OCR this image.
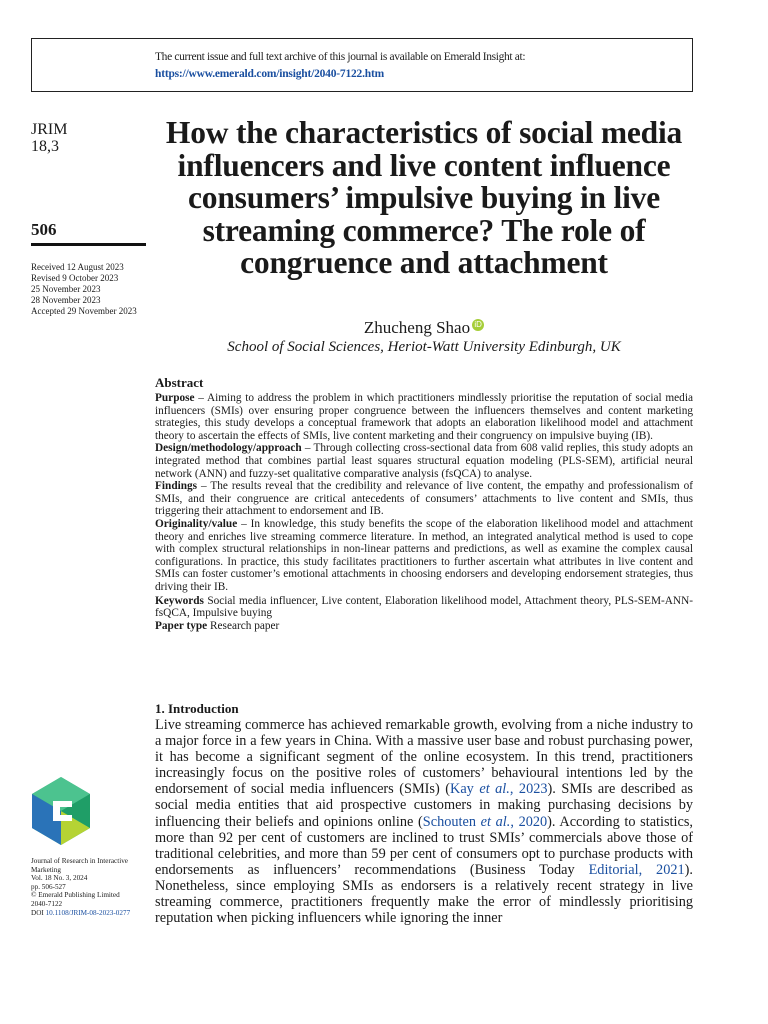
The current issue and full text archive of this journal is available on Emerald Insight at:
https://www.emerald.com/insight/2040-7122.htm
JRIM
18,3
506
Received 12 August 2023
Revised 9 October 2023
25 November 2023
28 November 2023
Accepted 29 November 2023
Journal of Research in Interactive Marketing
Vol. 18 No. 3, 2024
pp. 506-527
© Emerald Publishing Limited
2040-7122
DOI 10.1108/JRIM-08-2023-0277
How the characteristics of social media influencers and live content influence consumers’ impulsive buying in live streaming commerce? The role of congruence and attachment
Zhucheng Shao iD
School of Social Sciences, Heriot-Watt University Edinburgh, UK
Abstract

Purpose – Aiming to address the problem in which practitioners mindlessly prioritise the reputation of social media influencers (SMIs) over ensuring proper congruence between the influencers themselves and content marketing strategies, this study develops a conceptual framework that adopts an elaboration likelihood model and attachment theory to ascertain the effects of SMIs, live content marketing and their congruency on impulsive buying (IB).

Design/methodology/approach – Through collecting cross-sectional data from 608 valid replies, this study adopts an integrated method that combines partial least squares structural equation modeling (PLS-SEM), artificial neural network (ANN) and fuzzy-set qualitative comparative analysis (fsQCA) to analyse.

Findings – The results reveal that the credibility and relevance of live content, the empathy and professionalism of SMIs, and their congruence are critical antecedents of consumers’ attachments to live content and SMIs, thus triggering their attachment to endorsement and IB.

Originality/value – In knowledge, this study benefits the scope of the elaboration likelihood model and attachment theory and enriches live streaming commerce literature. In method, an integrated analytical method is used to cope with complex structural relationships in non-linear patterns and predictions, as well as examine the complex causal configurations. In practice, this study facilitates practitioners to further ascertain what attributes in live content and SMIs can foster customer’s emotional attachments in choosing endorsers and developing endorsement strategies, thus driving their IB.

Keywords Social media influencer, Live content, Elaboration likelihood model, Attachment theory, PLS-SEM-ANN-fsQCA, Impulsive buying

Paper type Research paper

1. Introduction

Live streaming commerce has achieved remarkable growth, evolving from a niche industry to a major force in a few years in China. With a massive user base and robust purchasing power, it has become a significant segment of the online ecosystem. In this trend, practitioners increasingly focus on the positive roles of customers’ behavioural intentions led by the endorsement of social media influencers (SMIs) (Kay et al., 2023). SMIs are described as social media entities that aid prospective customers in making purchasing decisions by influencing their beliefs and opinions online (Schouten et al., 2020). According to statistics, more than 92 per cent of customers are inclined to trust SMIs’ commercials above those of traditional celebrities, and more than 59 per cent of consumers opt to purchase products with endorsements as influencers’ recommendations (Business Today Editorial, 2021). Nonetheless, since employing SMIs as endorsers is a relatively recent strategy in live streaming commerce, practitioners frequently make the error of mindlessly prioritising reputation when picking influencers while ignoring the inner
